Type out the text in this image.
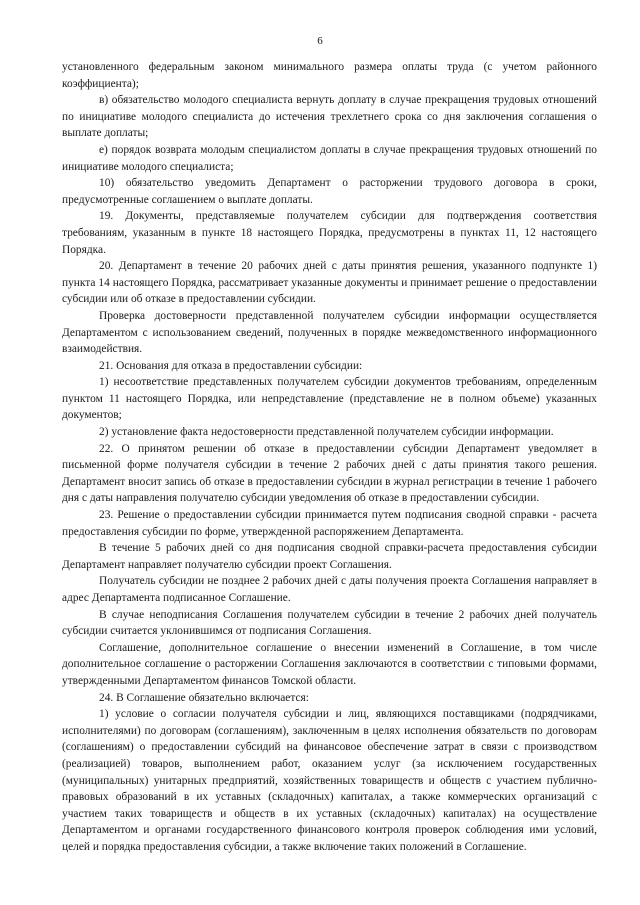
6

установленного федеральным законом минимального размера оплаты труда (с учетом районного коэффициента);

в) обязательство молодого специалиста вернуть доплату в случае прекращения трудовых отношений по инициативе молодого специалиста до истечения трехлетнего срока со дня заключения соглашения о выплате доплаты;

е) порядок возврата молодым специалистом доплаты в случае прекращения трудовых отношений по инициативе молодого специалиста;

10) обязательство уведомить Департамент о расторжении трудового договора в сроки, предусмотренные соглашением о выплате доплаты.

19. Документы, представляемые получателем субсидии для подтверждения соответствия требованиям, указанным в пункте 18 настоящего Порядка, предусмотрены в пунктах 11, 12 настоящего Порядка.

20. Департамент в течение 20 рабочих дней с даты принятия решения, указанного подпункте 1) пункта 14 настоящего Порядка, рассматривает указанные документы и принимает решение о предоставлении субсидии или об отказе в предоставлении субсидии.

Проверка достоверности представленной получателем субсидии информации осуществляется Департаментом с использованием сведений, полученных в порядке межведомственного информационного взаимодействия.

21. Основания для отказа в предоставлении субсидии:

1) несоответствие представленных получателем субсидии документов требованиям, определенным пунктом 11 настоящего Порядка, или непредставление (представление не в полном объеме) указанных документов;

2) установление факта недостоверности представленной получателем субсидии информации.

22. О принятом решении об отказе в предоставлении субсидии Департамент уведомляет в письменной форме получателя субсидии в течение 2 рабочих дней с даты принятия такого решения. Департамент вносит запись об отказе в предоставлении субсидии в журнал регистрации в течение 1 рабочего дня с даты направления получателю субсидии уведомления об отказе в предоставлении субсидии.

23. Решение о предоставлении субсидии принимается путем подписания сводной справки - расчета предоставления субсидии по форме, утвержденной распоряжением Департамента.

В течение 5 рабочих дней со дня подписания сводной справки-расчета предоставления субсидии Департамент направляет получателю субсидии проект Соглашения.

Получатель субсидии не позднее 2 рабочих дней с даты получения проекта Соглашения направляет в адрес Департамента подписанное Соглашение.

В случае неподписания Соглашения получателем субсидии в течение 2 рабочих дней получатель субсидии считается уклонившимся от подписания Соглашения.

Соглашение, дополнительное соглашение о внесении изменений в Соглашение, в том числе дополнительное соглашение о расторжении Соглашения заключаются в соответствии с типовыми формами, утвержденными Департаментом финансов Томской области.

24. В Соглашение обязательно включается:

1) условие о согласии получателя субсидии и лиц, являющихся поставщиками (подрядчиками, исполнителями) по договорам (соглашениям), заключенным в целях исполнения обязательств по договорам (соглашениям) о предоставлении субсидий на финансовое обеспечение затрат в связи с производством (реализацией) товаров, выполнением работ, оказанием услуг (за исключением государственных (муниципальных) унитарных предприятий, хозяйственных товариществ и обществ с участием публично-правовых образований в их уставных (складочных) капиталах, а также коммерческих организаций с участием таких товариществ и обществ в их уставных (складочных) капиталах) на осуществление Департаментом и органами государственного финансового контроля проверок соблюдения ими условий, целей и порядка предоставления субсидии, а также включение таких положений в Соглашение.
